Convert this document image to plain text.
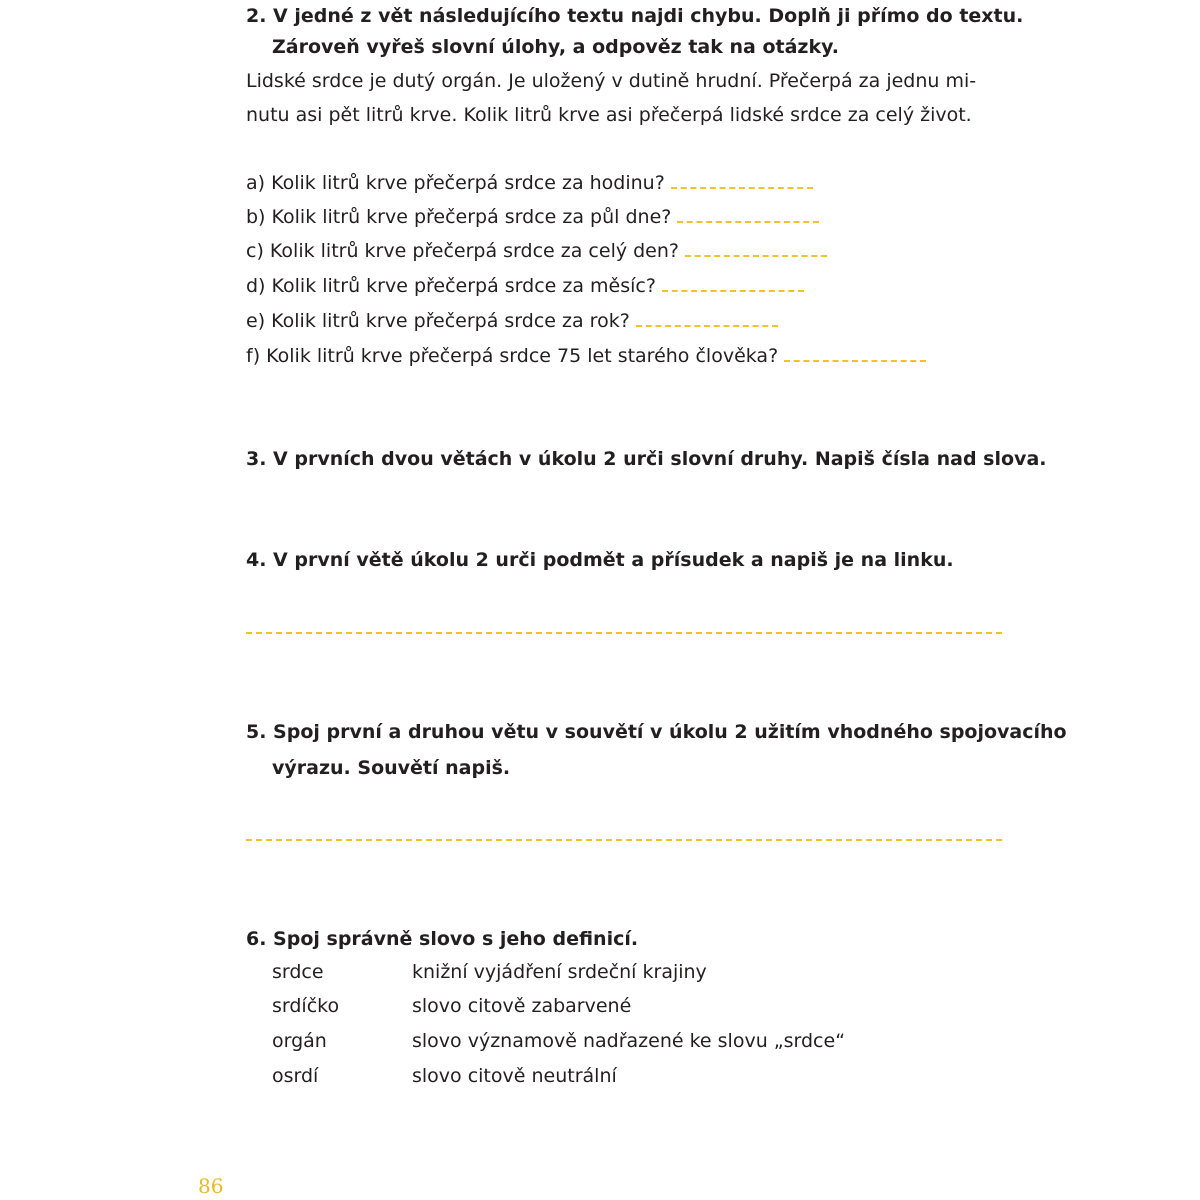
2. V jedné z vět následujícího textu najdi chybu. Doplň ji přímo do textu.
Zároveň vyřeš slovní úlohy, a odpověz tak na otázky.
Lidské srdce je dutý orgán. Je uložený v dutině hrudní. Přečerpá za jednu mi-
nutu asi pět litrů krve. Kolik litrů krve asi přečerpá lidské srdce za celý život.
a) Kolik litrů krve přečerpá srdce za hodinu?
b) Kolik litrů krve přečerpá srdce za půl dne?
c) Kolik litrů krve přečerpá srdce za celý den?
d) Kolik litrů krve přečerpá srdce za měsíc?
e) Kolik litrů krve přečerpá srdce za rok?
f) Kolik litrů krve přečerpá srdce 75 let starého člověka?
3. V prvních dvou větách v úkolu 2 urči slovní druhy. Napiš čísla nad slova.
4. V první větě úkolu 2 urči podmět a přísudek a napiš je na linku.
5. Spoj první a druhou větu v souvětí v úkolu 2 užitím vhodného spojovacího
výrazu. Souvětí napiš.
6. Spoj správně slovo s jeho definicí.
srdce	knižní vyjádření srdeční krajiny
srdíčko	slovo citově zabarvené
orgán	slovo významově nadřazené ke slovu „srdce“
osrdí	slovo citově neutrální
86
